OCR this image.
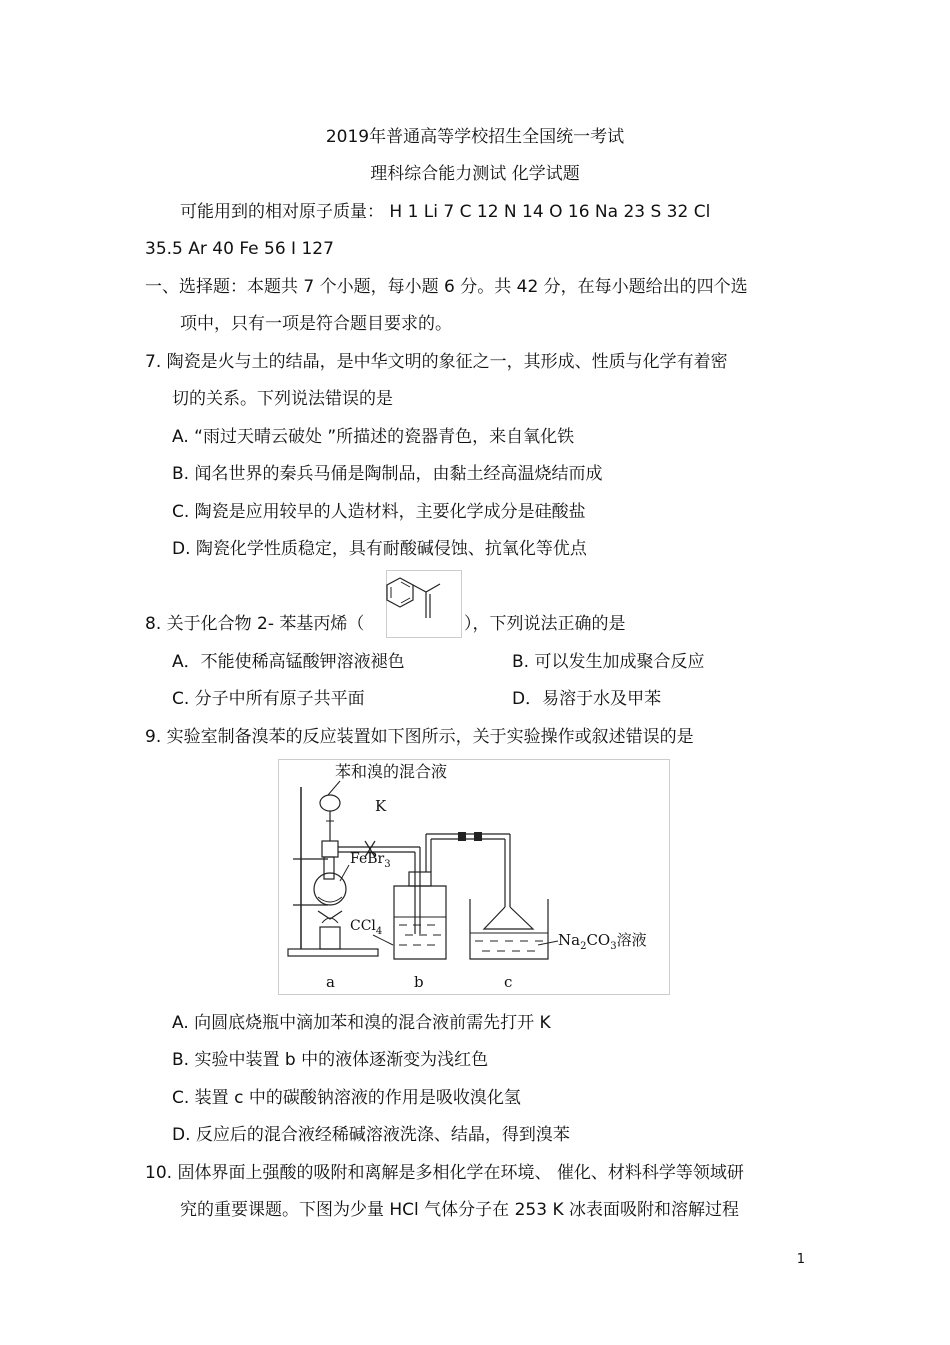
2019年普通高等学校招生全国统一考试
理科综合能力测试 化学试题
可能用到的相对原子质量： H 1 Li 7 C 12 N 14 O 16 Na 23 S 32 Cl
35.5 Ar 40 Fe 56 I 127
一、选择题：本题共 7 个小题，每小题 6 分。共 42 分，在每小题给出的四个选
项中，只有一项是符合题目要求的。
7. 陶瓷是火与土的结晶，是中华文明的象征之一，其形成、性质与化学有着密
切的关系。下列说法错误的是
A. “雨过天晴云破处 ”所描述的瓷器青色，来自氧化铁
B. 闻名世界的秦兵马俑是陶制品，由黏土经高温烧结而成
C. 陶瓷是应用较早的人造材料，主要化学成分是硅酸盐
D. 陶瓷化学性质稳定，具有耐酸碱侵蚀、抗氧化等优点
8. 关于化合物 2- 苯基丙烯（	），下列说法正确的是
A．不能使稀高锰酸钾溶液褪色	B. 可以发生加成聚合反应
C. 分子中所有原子共平面	D．易溶于水及甲苯
9. 实验室制备溴苯的反应装置如下图所示，关于实验操作或叙述错误的是
苯和溴的混合液
K
FeBr$_3$
CCl$_4$	$Na_2CO_3$溶液
a	b	c
A. 向圆底烧瓶中滴加苯和溴的混合液前需先打开 K
B. 实验中装置 b 中的液体逐渐变为浅红色
C. 装置 c 中的碳酸钠溶液的作用是吸收溴化氢
D. 反应后的混合液经稀碱溶液洗涤、结晶，得到溴苯
10. 固体界面上强酸的吸附和离解是多相化学在环境、 催化、材料科学等领域研
究的重要课题。下图为少量 HCl 气体分子在 253 K 冰表面吸附和溶解过程
1
